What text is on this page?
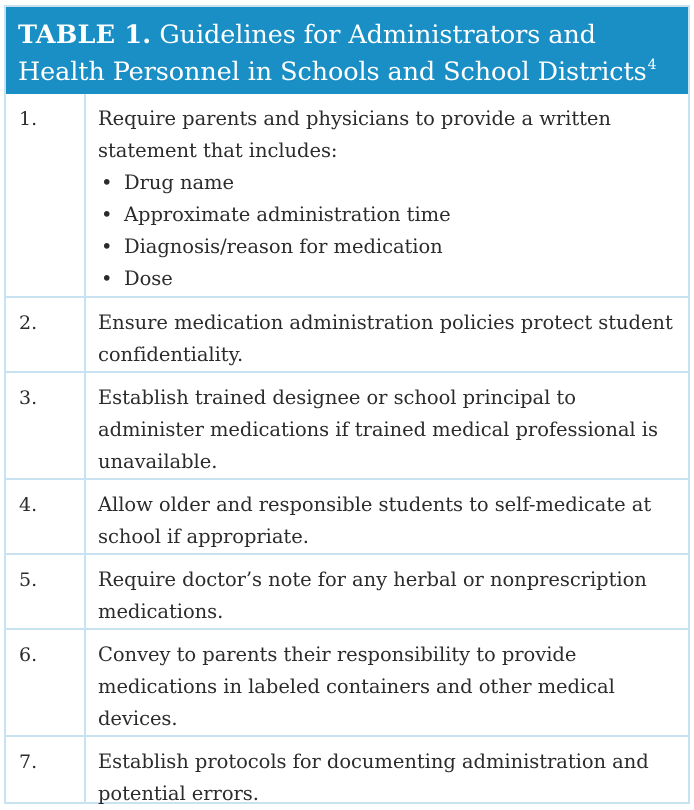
TABLE 1. Guidelines for Administrators and
Health Personnel in Schools and School Districts$^4$
1.	Require parents and physicians to provide a written statement that includes:
• Drug name
• Approximate administration time
• Diagnosis/reason for medication
• Dose
2.	Ensure medication administration policies protect student confidentiality.
3.	Establish trained designee or school principal to administer medications if trained medical professional is unavailable.
4.	Allow older and responsible students to self-medicate at school if appropriate.
5.	Require doctor’s note for any herbal or nonprescription medications.
6.	Convey to parents their responsibility to provide medications in labeled containers and other medical devices.
7.	Establish protocols for documenting administration and potential errors.
